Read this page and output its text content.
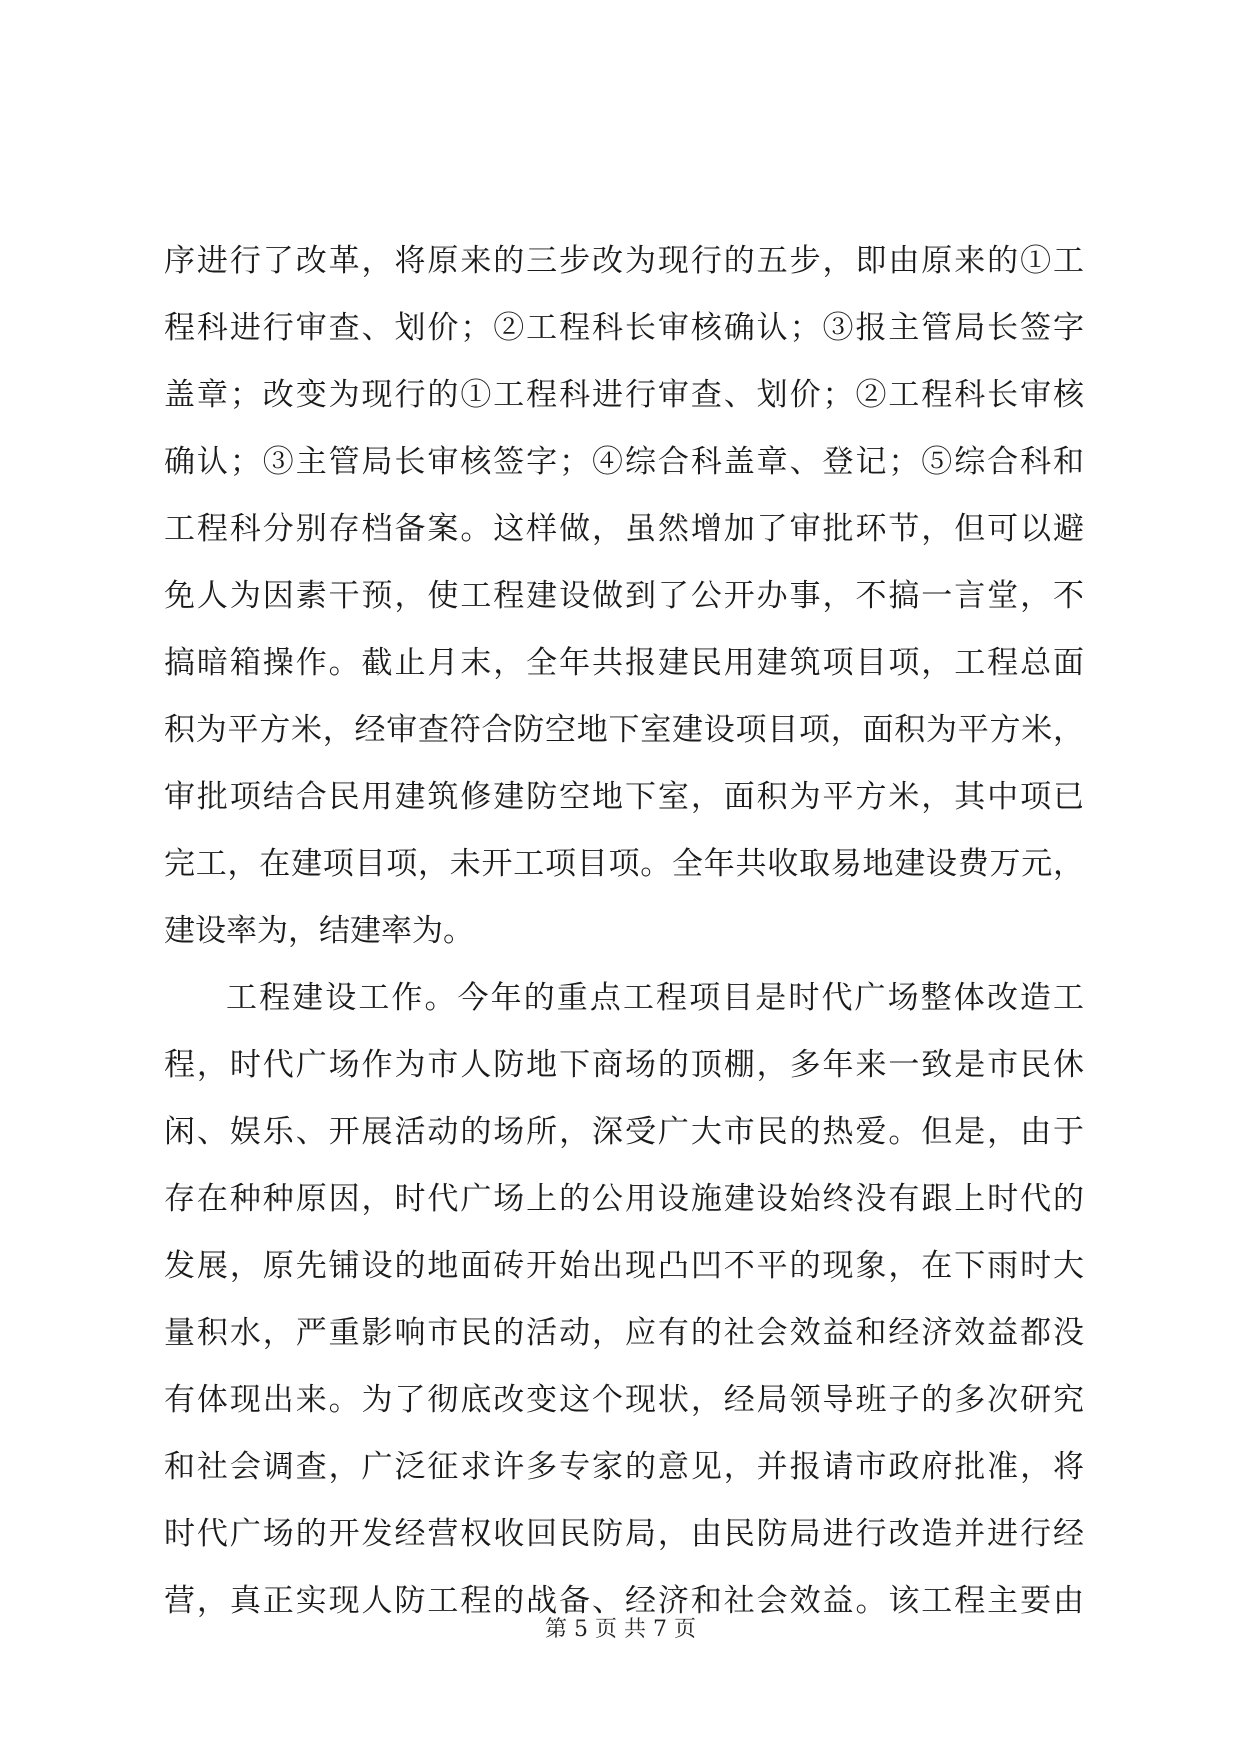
序进行了改革，将原来的三步改为现行的五步，即由原来的①工
程科进行审查、划价；②工程科长审核确认；③报主管局长签字
盖章；改变为现行的①工程科进行审查、划价；②工程科长审核
确认；③主管局长审核签字；④综合科盖章、登记；⑤综合科和
工程科分别存档备案。这样做，虽然增加了审批环节，但可以避
免人为因素干预，使工程建设做到了公开办事，不搞一言堂，不
搞暗箱操作。截止月末，全年共报建民用建筑项目项，工程总面
积为平方米，经审查符合防空地下室建设项目项，面积为平方米，
审批项结合民用建筑修建防空地下室，面积为平方米，其中项已
完工，在建项目项，未开工项目项。全年共收取易地建设费万元，
建设率为，结建率为。
工程建设工作。今年的重点工程项目是时代广场整体改造工
程，时代广场作为市人防地下商场的顶棚，多年来一致是市民休
闲、娱乐、开展活动的场所，深受广大市民的热爱。但是，由于
存在种种原因，时代广场上的公用设施建设始终没有跟上时代的
发展，原先铺设的地面砖开始出现凸凹不平的现象，在下雨时大
量积水，严重影响市民的活动，应有的社会效益和经济效益都没
有体现出来。为了彻底改变这个现状，经局领导班子的多次研究
和社会调查，广泛征求许多专家的意见，并报请市政府批准，将
时代广场的开发经营权收回民防局，由民防局进行改造并进行经
营，真正实现人防工程的战备、经济和社会效益。该工程主要由
第 5 页 共 7 页
